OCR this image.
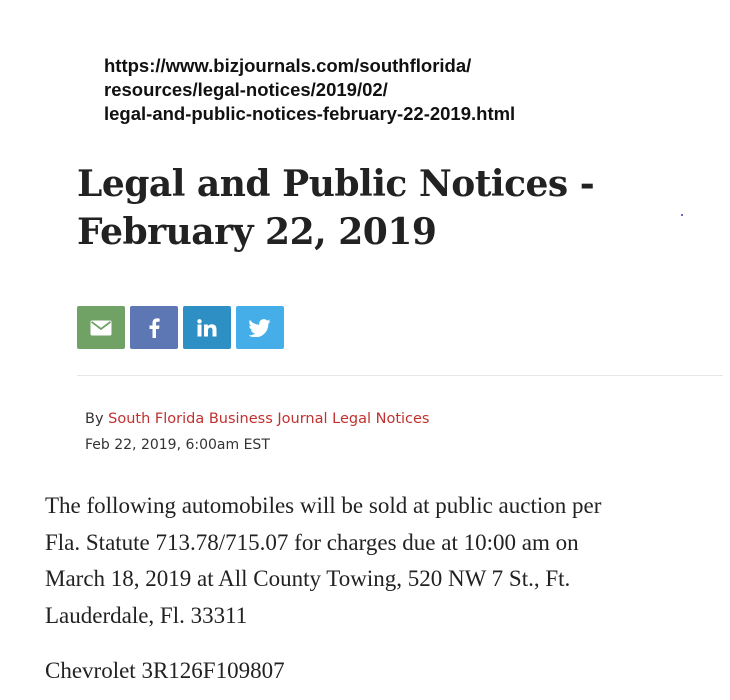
https://www.bizjournals.com/southflorida/
resources/legal-notices/2019/02/
legal-and-public-notices-february-22-2019.html
Legal and Public Notices -
February 22, 2019
By South Florida Business Journal Legal Notices
Feb 22, 2019, 6:00am EST

The following automobiles will be sold at public auction per
Fla. Statute 713.78/715.07 for charges due at 10:00 am on
March 18, 2019 at All County Towing, 520 NW 7 St., Ft.
Lauderdale, Fl. 33311

Chevrolet 3R126F109807
